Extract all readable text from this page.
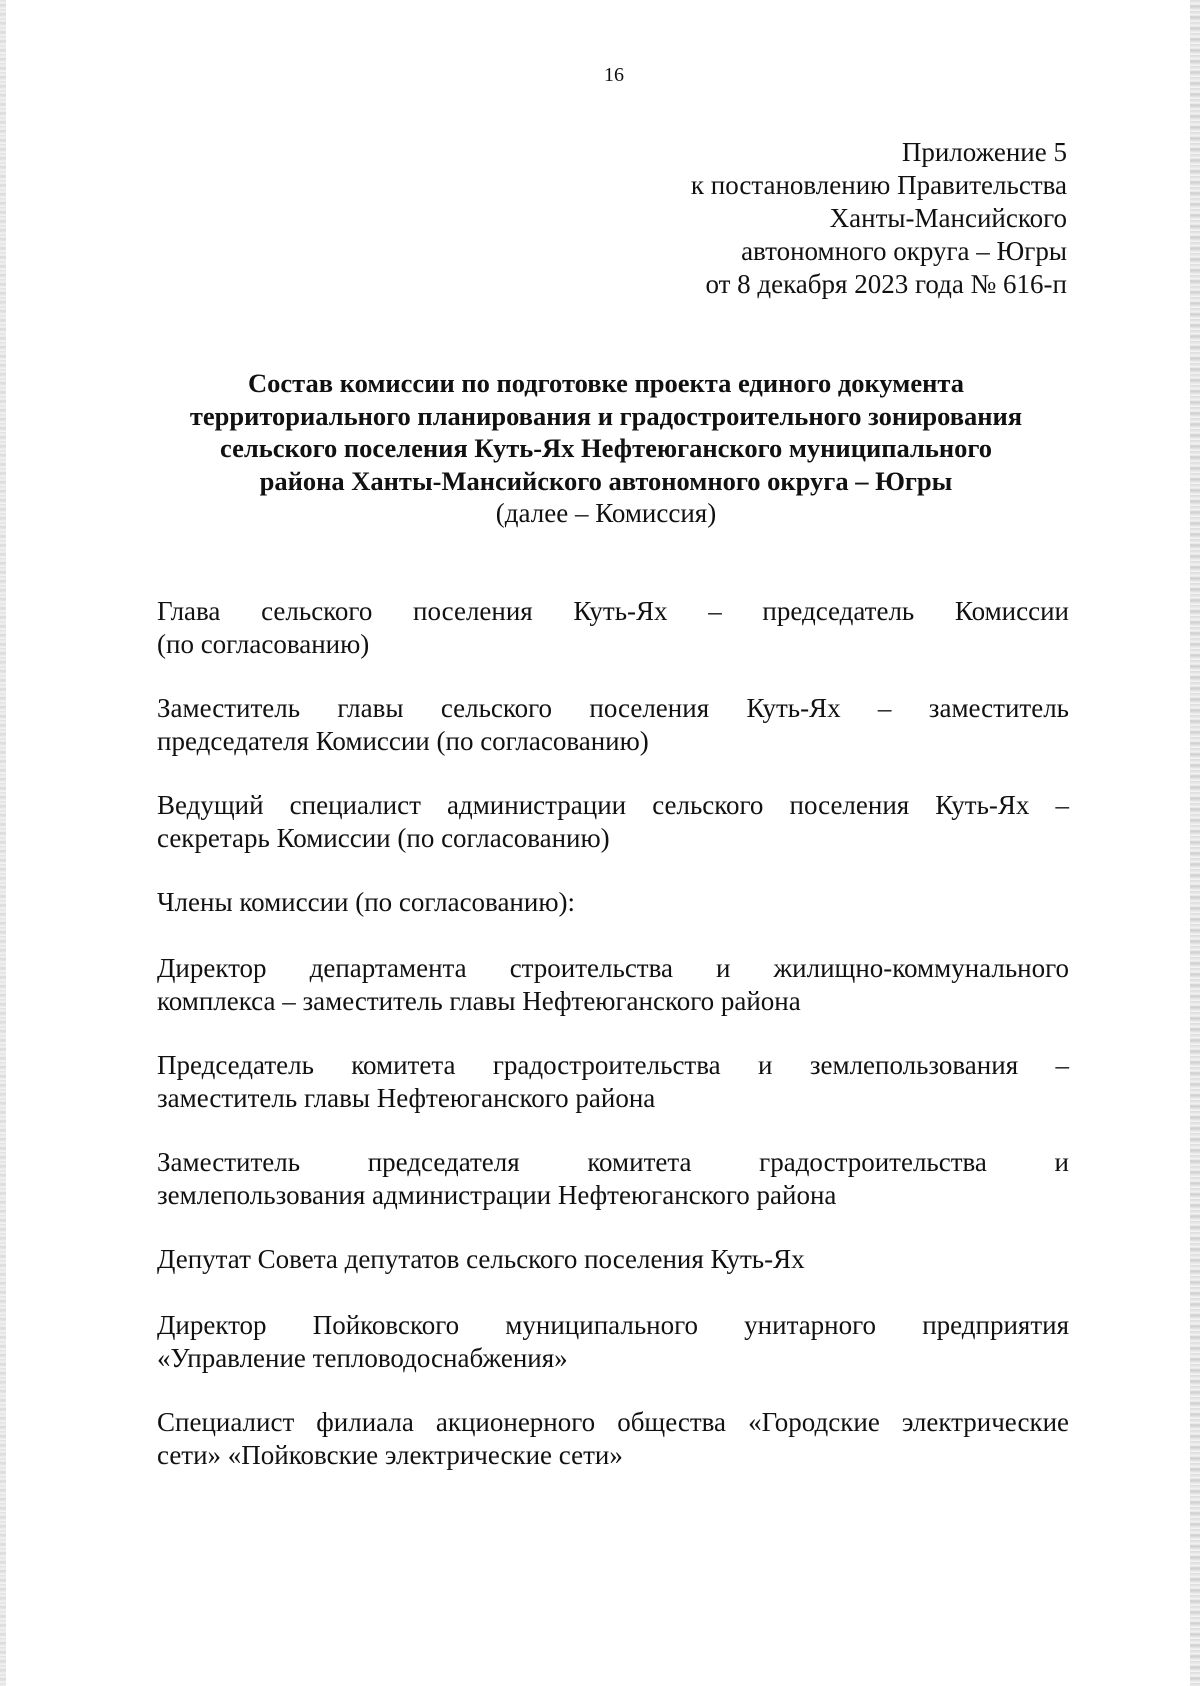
16
Приложение 5
к постановлению Правительства
Ханты-Мансийского
автономного округа – Югры
от 8 декабря 2023 года № 616-п
Состав комиссии по подготовке проекта единого документа
территориального планирования и градостроительного зонирования
сельского поселения Куть-Ях Нефтеюганского муниципального
района Ханты-Мансийского автономного округа – Югры
(далее – Комиссия)
Глава сельского поселения Куть-Ях – председатель Комиссии
(по согласованию)
Заместитель главы сельского поселения Куть-Ях – заместитель
председателя Комиссии (по согласованию)
Ведущий специалист администрации сельского поселения Куть-Ях –
секретарь Комиссии (по согласованию)
Члены комиссии (по согласованию):
Директор департамента строительства и жилищно-коммунального
комплекса – заместитель главы Нефтеюганского района
Председатель комитета градостроительства и землепользования –
заместитель главы Нефтеюганского района
Заместитель председателя комитета градостроительства и
землепользования администрации Нефтеюганского района
Депутат Совета депутатов сельского поселения Куть-Ях
Директор Пойковского муниципального унитарного предприятия
«Управление тепловодоснабжения»
Специалист филиала акционерного общества «Городские электрические
сети» «Пойковские электрические сети»
